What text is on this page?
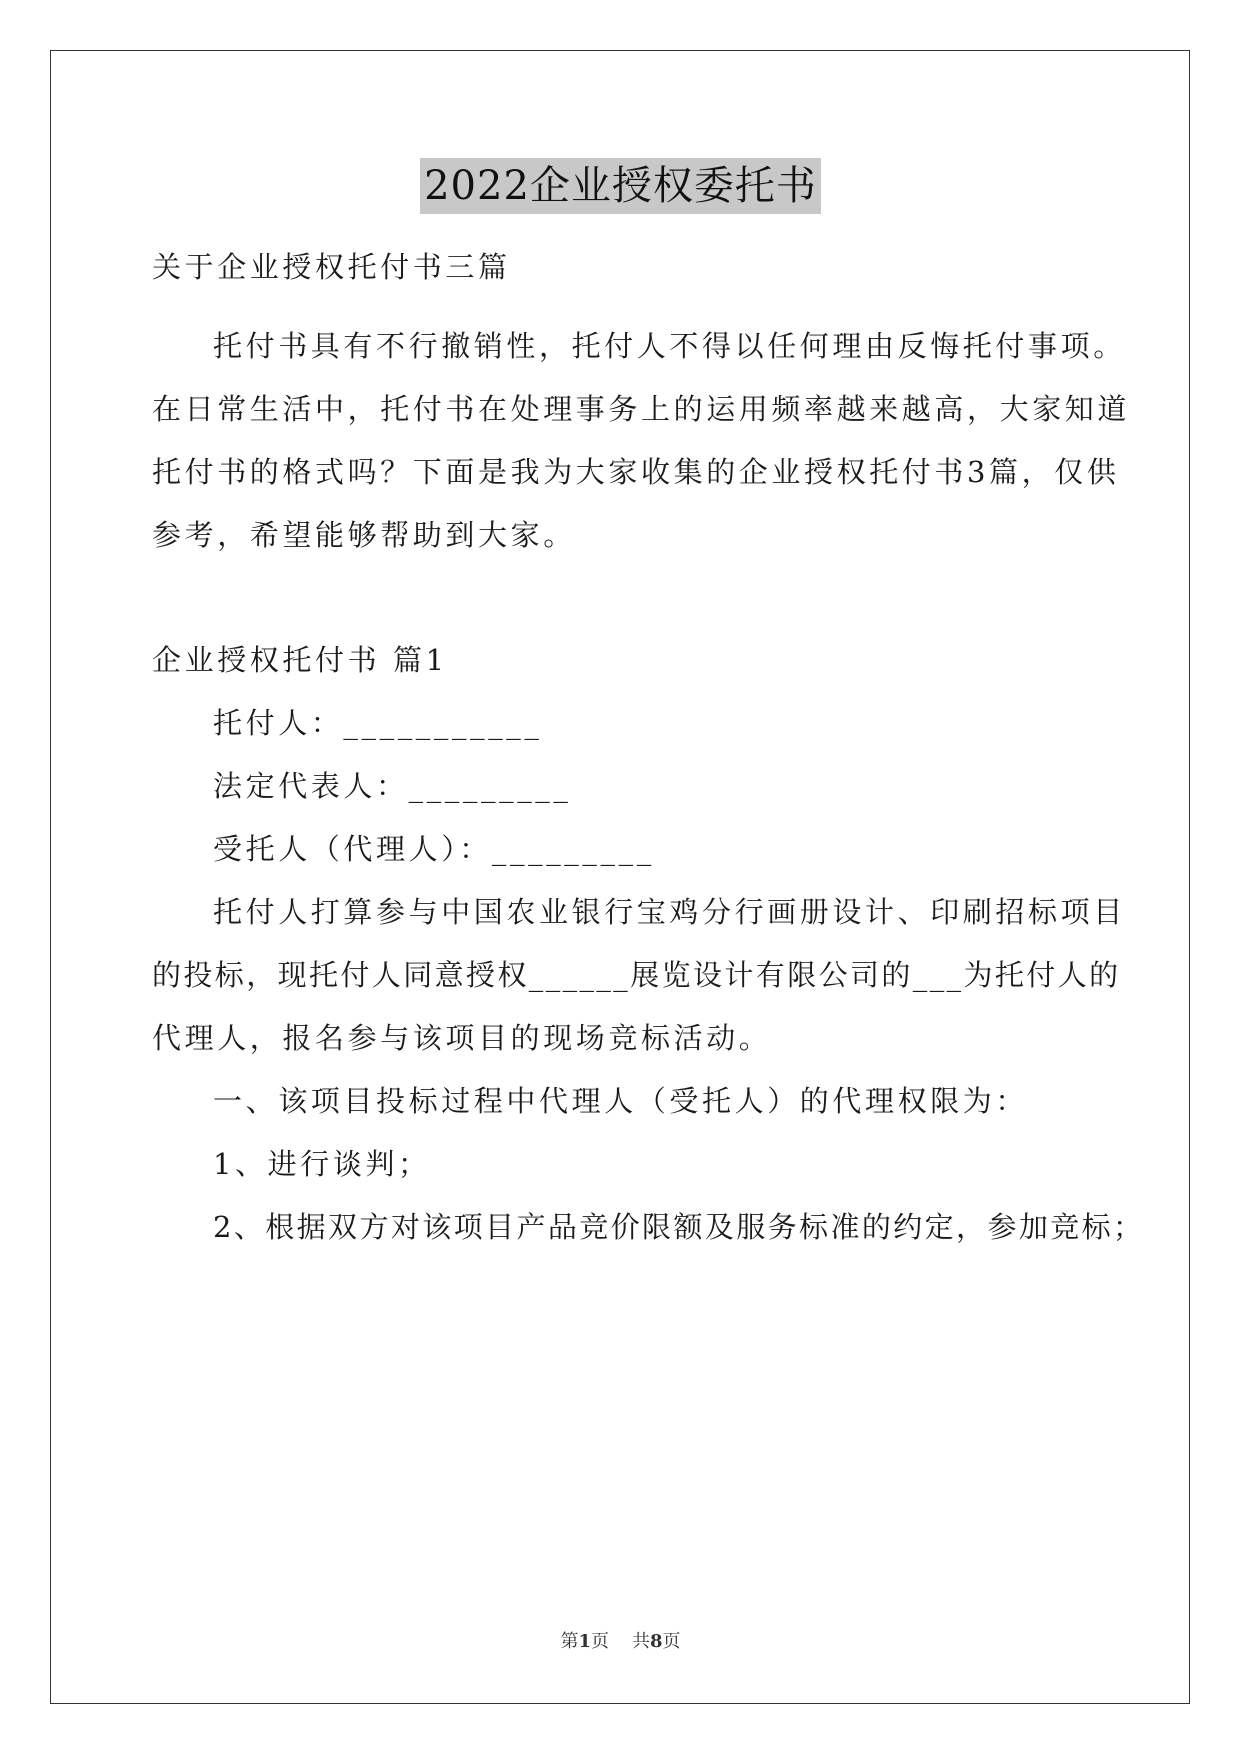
2022企业授权委托书
关于企业授权托付书三篇
托付书具有不行撤销性，托付人不得以任何理由反悔托付事项。
在日常生活中，托付书在处理事务上的运用频率越来越高，大家知道
托付书的格式吗？下面是我为大家收集的企业授权托付书3篇，仅供
参考，希望能够帮助到大家。
企业授权托付书 篇1
托付人：___________
法定代表人：_________
受托人（代理人）：_________
托付人打算参与中国农业银行宝鸡分行画册设计、印刷招标项目
的投标，现托付人同意授权______展览设计有限公司的___为托付人的
代理人，报名参与该项目的现场竞标活动。
一、该项目投标过程中代理人（受托人）的代理权限为：
1、进行谈判；
2、根据双方对该项目产品竞价限额及服务标准的约定，参加竞标；
第1页 共8页
